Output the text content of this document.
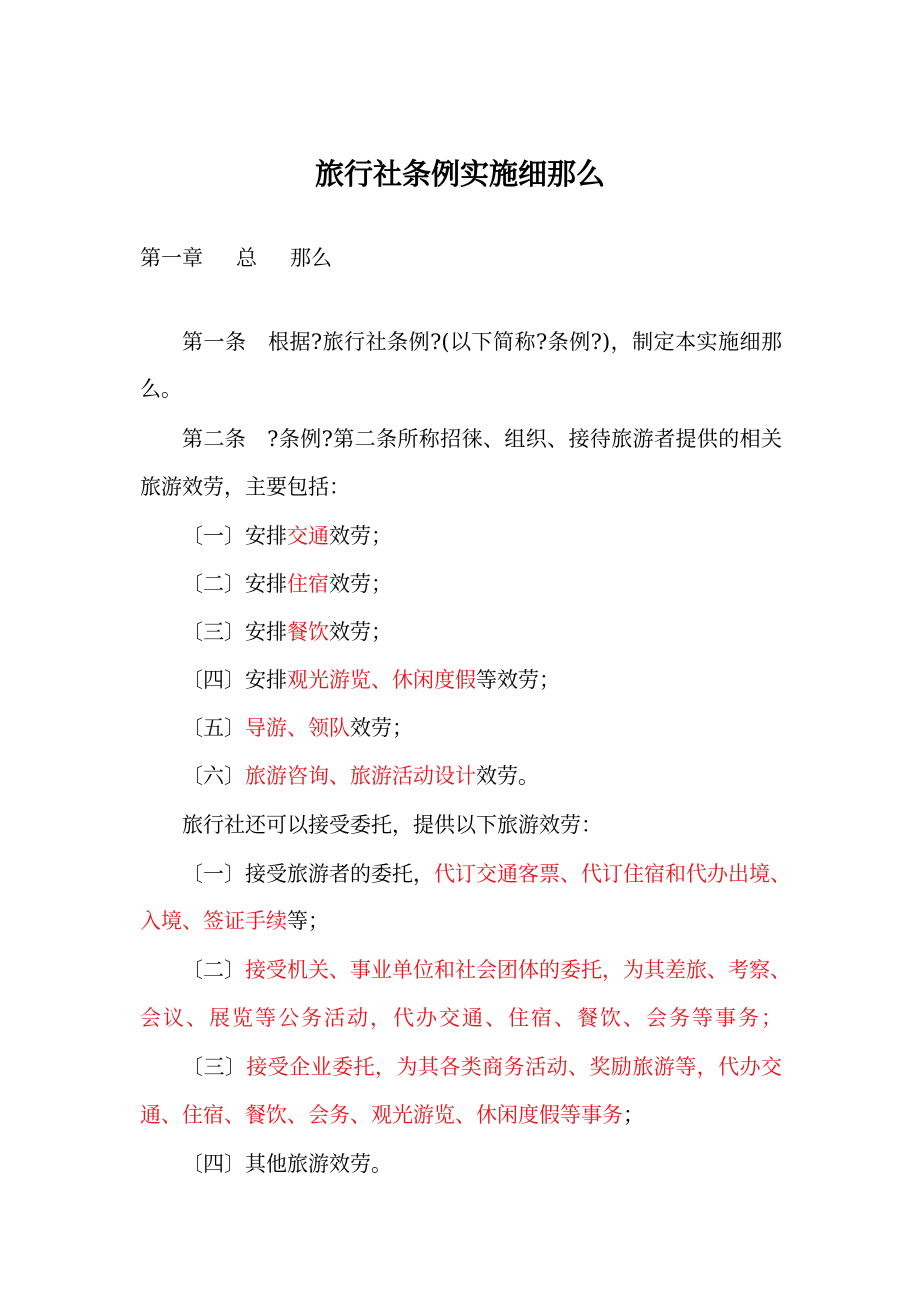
旅行社条例实施细那么
第一章 总 那么
第一条 根据?旅行社条例?(以下简称?条例?)，制定本实施细那
么。
第二条 ?条例?第二条所称招徕、组织、接待旅游者提供的相关
旅游效劳，主要包括：
〔一〕安排交通效劳；
〔二〕安排住宿效劳；
〔三〕安排餐饮效劳；
〔四〕安排观光游览、休闲度假等效劳；
〔五〕导游、领队效劳；
〔六〕旅游咨询、旅游活动设计效劳。
旅行社还可以接受委托，提供以下旅游效劳：
〔一〕接受旅游者的委托，代订交通客票、代订住宿和代办出境、
入境、签证手续等；
〔二〕接受机关、事业单位和社会团体的委托，为其差旅、考察、
会议、展览等公务活动，代办交通、住宿、餐饮、会务等事务；
〔三〕接受企业委托，为其各类商务活动、奖励旅游等，代办交
通、住宿、餐饮、会务、观光游览、休闲度假等事务；
〔四〕其他旅游效劳。
